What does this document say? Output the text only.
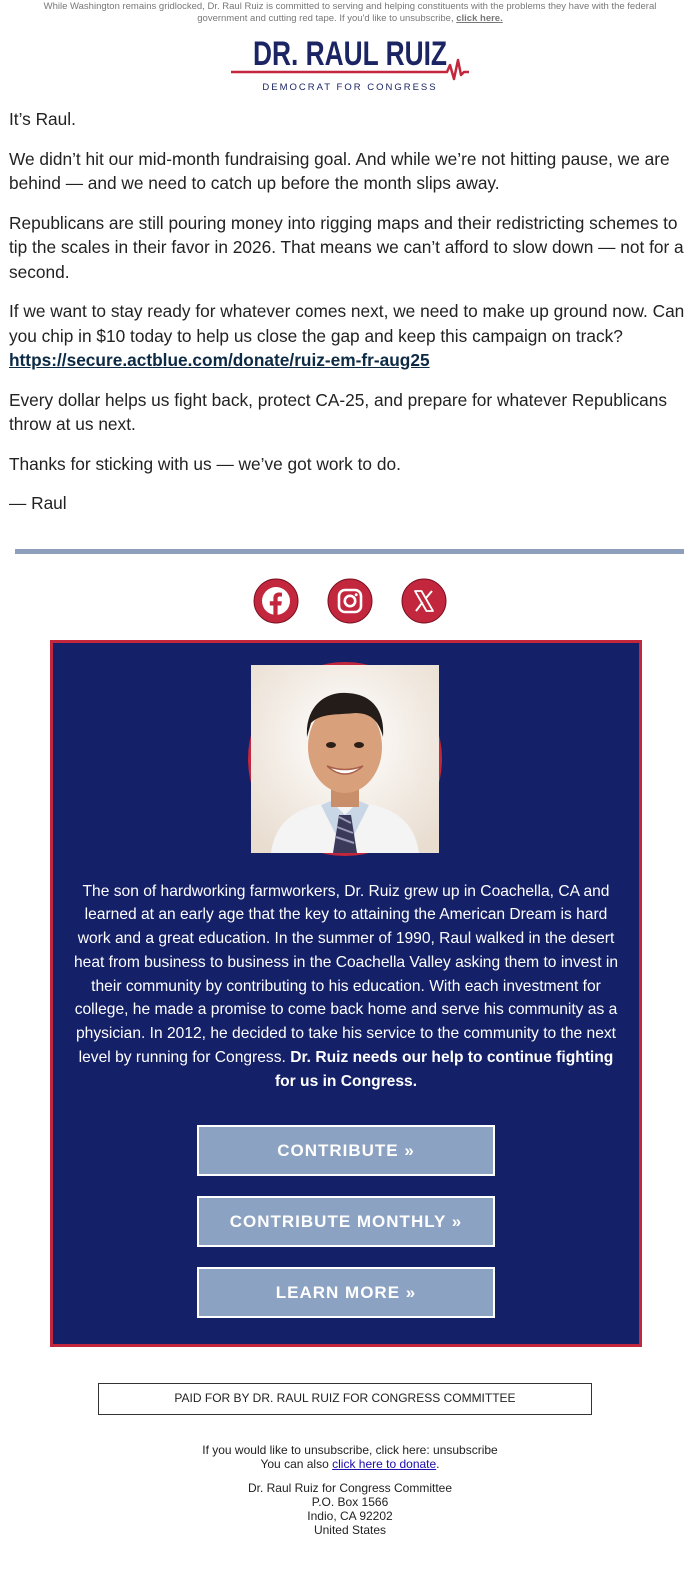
While Washington remains gridlocked, Dr. Raul Ruiz is committed to serving and helping constituents with the problems they have with the federal government and cutting red tape. If you'd like to unsubscribe, click here.
DR. RAUL RUIZ
DEMOCRAT FOR CONGRESS

It’s Raul.

We didn’t hit our mid-month fundraising goal. And while we’re not hitting pause, we are behind — and we need to catch up before the month slips away.

Republicans are still pouring money into rigging maps and their redistricting schemes to tip the scales in their favor in 2026. That means we can’t afford to slow down — not for a second.

If we want to stay ready for whatever comes next, we need to make up ground now. Can you chip in $10 today to help us close the gap and keep this campaign on track? https://secure.actblue.com/donate/ruiz-em-fr-aug25

Every dollar helps us fight back, protect CA-25, and prepare for whatever Republicans throw at us next.

Thanks for sticking with us — we’ve got work to do.

— Raul

The son of hardworking farmworkers, Dr. Ruiz grew up in Coachella, CA and learned at an early age that the key to attaining the American Dream is hard work and a great education. In the summer of 1990, Raul walked in the desert heat from business to business in the Coachella Valley asking them to invest in their community by contributing to his education. With each investment for college, he made a promise to come back home and serve his community as a physician. In 2012, he decided to take his service to the community to the next level by running for Congress. Dr. Ruiz needs our help to continue fighting for us in Congress.
CONTRIBUTE »
CONTRIBUTE MONTHLY »
LEARN MORE »
PAID FOR BY DR. RAUL RUIZ FOR CONGRESS COMMITTEE
If you would like to unsubscribe, click here: unsubscribe
You can also click here to donate.
Dr. Raul Ruiz for Congress Committee
P.O. Box 1566
Indio, CA 92202
United States
